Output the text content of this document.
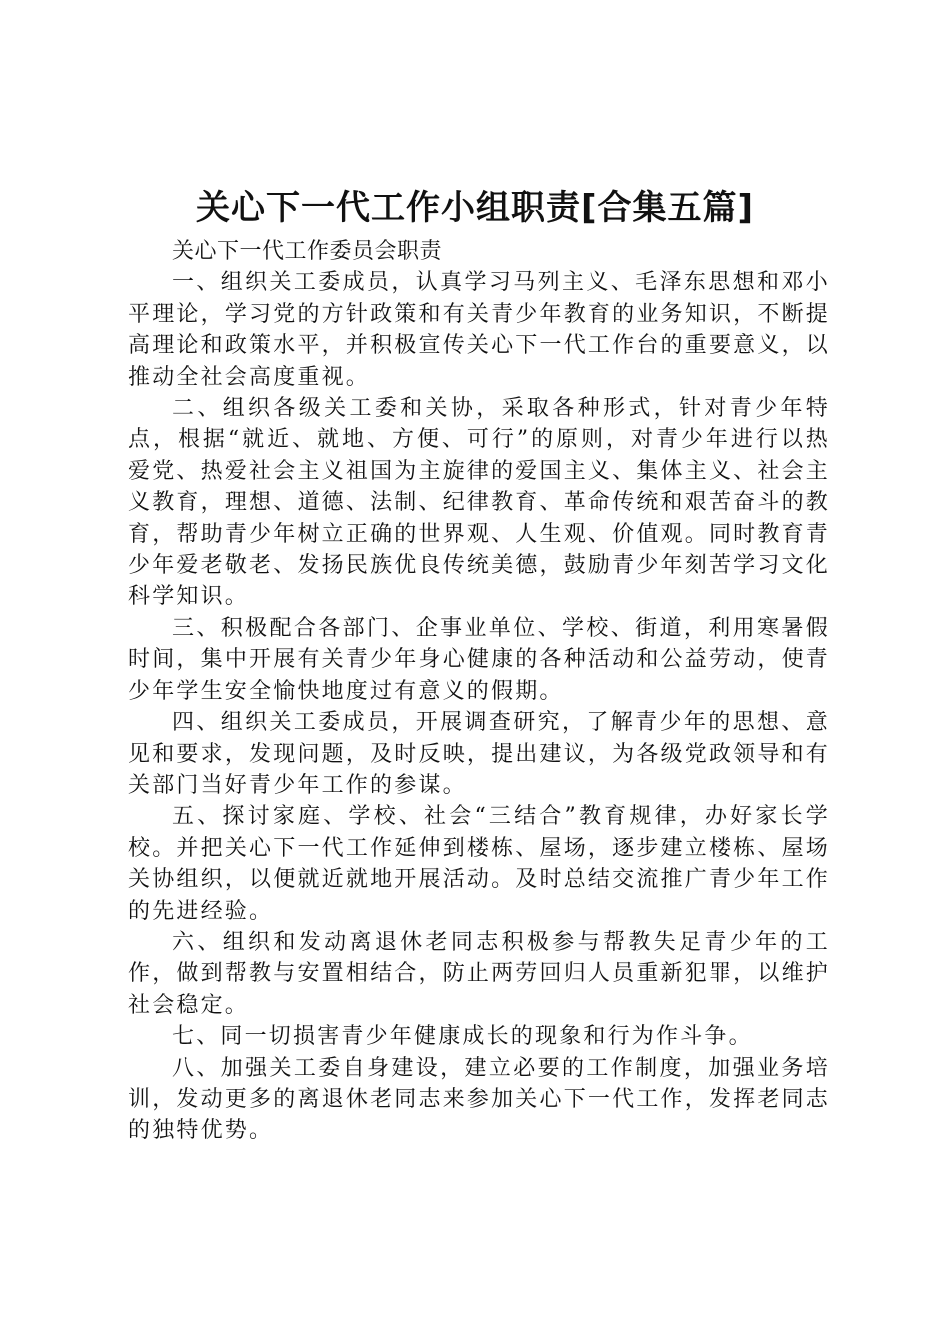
关心下一代工作小组职责[合集五篇]

关心下一代工作委员会职责

一、组织关工委成员，认真学习马列主义、毛泽东思想和邓小平理论，学习党的方针政策和有关青少年教育的业务知识，不断提高理论和政策水平，并积极宣传关心下一代工作台的重要意义，以推动全社会高度重视。

二、组织各级关工委和关协，采取各种形式，针对青少年特点，根据“就近、就地、方便、可行”的原则，对青少年进行以热爱党、热爱社会主义祖国为主旋律的爱国主义、集体主义、社会主义教育，理想、道德、法制、纪律教育、革命传统和艰苦奋斗的教育，帮助青少年树立正确的世界观、人生观、价值观。同时教育青少年爱老敬老、发扬民族优良传统美德，鼓励青少年刻苦学习文化科学知识。

三、积极配合各部门、企事业单位、学校、街道，利用寒暑假时间，集中开展有关青少年身心健康的各种活动和公益劳动，使青少年学生安全愉快地度过有意义的假期。

四、组织关工委成员，开展调查研究，了解青少年的思想、意见和要求，发现问题，及时反映，提出建议，为各级党政领导和有关部门当好青少年工作的参谋。

五、探讨家庭、学校、社会“三结合”教育规律，办好家长学校。并把关心下一代工作延伸到楼栋、屋场，逐步建立楼栋、屋场关协组织，以便就近就地开展活动。及时总结交流推广青少年工作的先进经验。

六、组织和发动离退休老同志积极参与帮教失足青少年的工作，做到帮教与安置相结合，防止两劳回归人员重新犯罪，以维护社会稳定。

七、同一切损害青少年健康成长的现象和行为作斗争。

八、加强关工委自身建设，建立必要的工作制度，加强业务培训，发动更多的离退休老同志来参加关心下一代工作，发挥老同志的独特优势。
